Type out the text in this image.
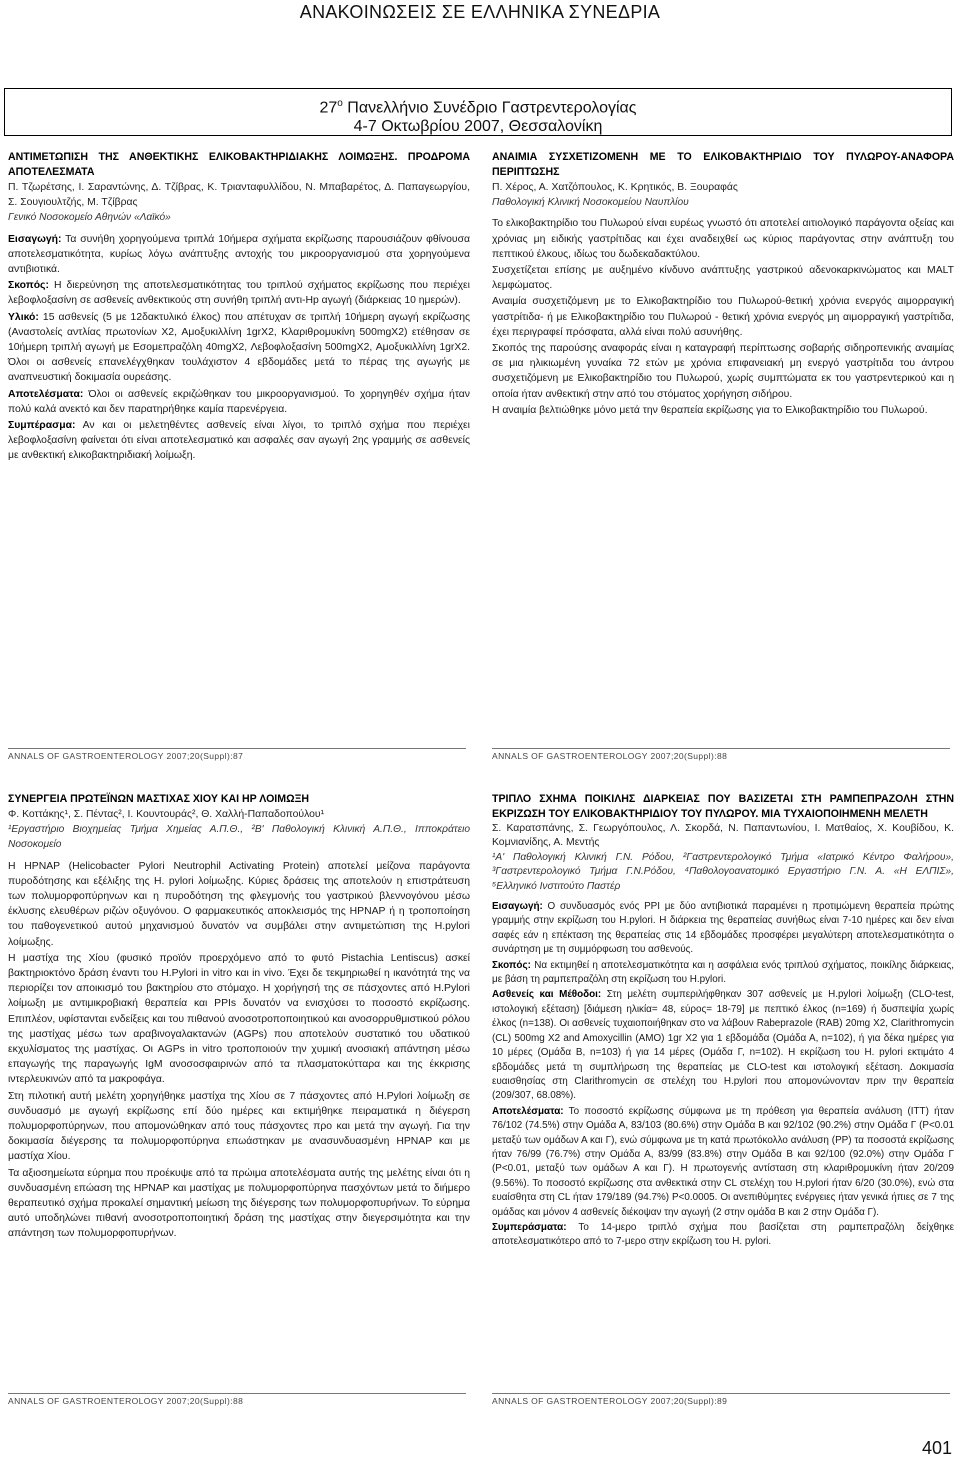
ΑΝΑΚΟΙΝΩΣΕΙΣ ΣΕ ΕΛΛΗΝΙΚΑ ΣΥΝΕΔΡΙΑ
$27^o$ Πανελλήνιο Συνέδριο Γαστρεντερολογίας
4-7 Οκτωβρίου 2007, Θεσσαλονίκη
ΑΝΤΙΜΕΤΩΠΙΣΗ ΤΗΣ ΑΝΘΕΚΤΙΚΗΣ ΕΛΙΚΟΒΑΚΤΗΡΙΔΙΑΚΗΣ ΛΟΙΜΩΞΗΣ. ΠΡΟΔΡΟΜΑ ΑΠΟΤΕΛΕΣΜΑΤΑ
Π. Τζωρέτσης, Ι. Σαραντώνης, Δ. Τζίβρας, Κ. Τριανταφυλλίδου, Ν. Μπαβαρέτος, Δ. Παπαγεωργίου, Σ. Σουγιουλτζής, Μ. Τζίβρας
Γενικό Νοσοκομείο Αθηνών «Λαϊκό»

Εισαγωγή: Τα συνήθη χορηγούμενα τριπλά 10ήμερα σχήματα εκρίζωσης παρουσιάζουν φθίνουσα αποτελεσματικότητα, κυρίως λόγω ανάπτυξης αντοχής του μικροοργανισμού στα χορηγούμενα αντιβιοτικά.

Σκοπός: Η διερεύνηση της αποτελεσματικότητας του τριπλού σχήματος εκρίζωσης που περιέχει λεβοφλοξασίνη σε ασθενείς ανθεκτικούς στη συνήθη τριπλή αντι-Hp αγωγή (διάρκειας 10 ημερών).

Υλικό: 15 ασθενείς (5 με 12δακτυλικό έλκος) που απέτυχαν σε τριπλή 10ήμερη αγωγή εκρίζωσης (Αναστολείς αντλίας πρωτονίων X2, Αμοξυκιλλίνη 1grX2, Κλαριθρομυκίνη 500mgX2) ετέθησαν σε 10ήμερη τριπλή αγωγή με Εσομεπραζόλη 40mgX2, Λεβοφλοξασίνη 500mgX2, Αμοξυκιλλίνη 1grX2. Όλοι οι ασθενείς επανελέγχθηκαν τουλάχιστον 4 εβδομάδες μετά το πέρας της αγωγής με αναπνευστική δοκιμασία ουρεάσης.

Αποτελέσματα: Όλοι οι ασθενείς εκριζώθηκαν του μικροοργανισμού. Το χορηγηθέν σχήμα ήταν πολύ καλά ανεκτό και δεν παρατηρήθηκε καμία παρενέργεια.

Συμπέρασμα: Αν και οι μελετηθέντες ασθενείς είναι λίγοι, το τριπλό σχήμα που περιέχει λεβοφλοξασίνη φαίνεται ότι είναι αποτελεσματικό και ασφαλές σαν αγωγή 2ης γραμμής σε ασθενείς με ανθεκτική ελικοβακτηριδιακή λοίμωξη.

ANNALS OF GASTROENTEROLOGY 2007;20(Suppl):87
ΑΝΑΙΜΙΑ ΣΥΣΧΕΤΙΖΟΜΕΝΗ ΜΕ ΤΟ ΕΛΙΚΟΒΑΚΤΗΡΙΔΙΟ ΤΟΥ ΠΥΛΩΡΟΥ-ΑΝΑΦΟΡΑ ΠΕΡΙΠΤΩΣΗΣ
Π. Χέρος, Α. Χατζόπουλος, Κ. Κρητικός, Β. Ξουραφάς
Παθολογική Κλινική Νοσοκομείου Ναυπλίου

Το ελικοβακτηρίδιο του Πυλωρού είναι ευρέως γνωστό ότι αποτελεί αιτιολογικό παράγοντα οξείας και χρόνιας μη ειδικής γαστρίτιδας και έχει αναδειχθεί ως κύριος παράγοντας στην ανάπτυξη του πεπτικού έλκους, ιδίως του δωδεκαδακτύλου.

Συσχετίζεται επίσης με αυξημένο κίνδυνο ανάπτυξης γαστρικού αδενοκαρκινώματος και MALT λεμφώματος.

Αναιμία συσχετιζόμενη με το Ελικοβακτηρίδιο του Πυλωρού-θετική χρόνια ενεργός αιμορραγική γαστρίτιδα- ή με Ελικοβακτηρίδιο του Πυλωρού - θετική χρόνια ενεργός μη αιμορραγική γαστρίτιδα, έχει περιγραφεί πρόσφατα, αλλά είναι πολύ ασυνήθης.

Σκοπός της παρούσης αναφοράς είναι η καταγραφή περίπτωσης σοβαρής σιδηροπενικής αναιμίας σε μια ηλικιωμένη γυναίκα 72 ετών με χρόνια επιφανειακή μη ενεργό γαστρίτιδα του άντρου συσχετιζόμενη με Ελικοβακτηρίδιο του Πυλωρού, χωρίς συμπτώματα εκ του γαστρεντερικού και η οποία ήταν ανθεκτική στην από του στόματος χορήγηση σιδήρου.

Η αναιμία βελτιώθηκε μόνο μετά την θεραπεία εκρίζωσης για το Ελικοβακτηρίδιο του Πυλωρού.

ANNALS OF GASTROENTEROLOGY 2007;20(Suppl):88
ΣΥΝΕΡΓΕΙΑ ΠΡΩΤΕΪΝΩΝ ΜΑΣΤΙΧΑΣ ΧΙΟΥ ΚΑΙ ΗΡ ΛΟΙΜΩΞΗ
Φ. Κοττάκης¹, Σ. Πέντας², Ι. Κουντουράς², Θ. Χαλλή-Παπαδοπούλου¹
¹Εργαστήριο Βιοχημείας Τμήμα Χημείας Α.Π.Θ., ²Β' Παθολογική Κλινική Α.Π.Θ., Ιπποκράτειο Νοσοκομείο

Η HPNAP (Helicobacter Pylori Neutrophil Activating Protein) αποτελεί μείζονα παράγοντα πυροδότησης και εξέλιξης της H. pylori λοίμωξης. Κύριες δράσεις της αποτελούν η επιστράτευση των πολυμορφοπύρηνων και η πυροδότηση της φλεγμονής του γαστρικού βλεννογόνου μέσω έκλυσης ελευθέρων ριζών οξυγόνου. Ο φαρμακευτικός αποκλεισμός της HPNAP ή η τροποποίηση του παθογενετικού αυτού μηχανισμού δυνατόν να συμβάλει στην αντιμετώπιση της H.pylori λοίμωξης.

Η μαστίχα της Χίου (φυσικό προϊόν προερχόμενο από το φυτό Pistachia Lentiscus) ασκεί βακτηριοκτόνο δράση έναντι του H.Pylori in vitro και in vivo. Έχει δε τεκμηριωθεί η ικανότητά της να περιορίζει τον αποικισμό του βακτηρίου στο στόμαχο. Η χορήγησή της σε πάσχοντες από H.Pylori λοίμωξη με αντιμικροβιακή θεραπεία και PPIs δυνατόν να ενισχύσει το ποσοστό εκρίζωσης. Επιπλέον, υφίστανται ενδείξεις και του πιθανού ανοσοτροποποιητικού και ανοσορρυθμιστικού ρόλου της μαστίχας μέσω των αραβινογαλακτανών (AGPs) που αποτελούν συστατικό του υδατικού εκχυλίσματος της μαστίχας. Οι AGPs in vitro τροποποιούν την χυμική ανοσιακή απάντηση μέσω επαγωγής της παραγωγής IgM ανοσοσφαιρινών από τα πλασματοκύτταρα και της έκκρισης ιντερλευκινών από τα μακροφάγα.

Στη πιλοτική αυτή μελέτη χορηγήθηκε μαστίχα της Χίου σε 7 πάσχοντες από H.Pylori λοίμωξη σε συνδυασμό με αγωγή εκρίζωσης επί δύο ημέρες και εκτιμήθηκε πειραματικά η διέγερση πολυμορφοπύρηνων, που απομονώθηκαν από τους πάσχοντες προ και μετά την αγωγή. Για την δοκιμασία διέγερσης τα πολυμορφοπύρηνα επωάστηκαν με ανασυνδυασμένη HPNAP και με μαστίχα Χίου.

Τα αξιοσημείωτα εύρημα που προέκυψε από τα πρώιμα αποτελέσματα αυτής της μελέτης είναι ότι η συνδυασμένη επώαση της HPNAP και μαστίχας με πολυμορφοπύρηνα πασχόντων μετά το διήμερο θεραπευτικό σχήμα προκαλεί σημαντική μείωση της διέγερσης των πολυμορφοπυρήνων. Το εύρημα αυτό υποδηλώνει πιθανή ανοσοτροποποιητική δράση της μαστίχας στην διεγερσιμότητα και την απάντηση των πολυμορφοπυρήνων.

ANNALS OF GASTROENTEROLOGY 2007;20(Suppl):88
ΤΡΙΠΛΟ ΣΧΗΜΑ ΠΟΙΚΙΛΗΣ ΔΙΑΡΚΕΙΑΣ ΠΟΥ ΒΑΣΙΖΕΤΑΙ ΣΤΗ ΡΑΜΠΕΠΡΑΖΟΛΗ ΣΤΗΝ ΕΚΡΙΖΩΣΗ ΤΟΥ ΕΛΙΚΟΒΑΚΤΗΡΙΔΙΟΥ ΤΟΥ ΠΥΛΩΡΟΥ. ΜΙΑ ΤΥΧΑΙΟΠΟΙΗΜΕΝΗ ΜΕΛΕΤΗ
Σ. Καρατσπάνης, Σ. Γεωργόπουλος, Λ. Σκορδά, Ν. Παπαντωνίου, Ι. Ματθαίος, Χ. Κουβίδου, Κ. Κομνιανίδης, Α. Μεντής
¹Α' Παθολογική Κλινική Γ.Ν. Ρόδου, ²Γαστρεντερολογικό Τμήμα «Ιατρικό Κέντρο Φαλήρου», ³Γαστρεντερολογικό Τμήμα Γ.Ν.Ρόδου, ⁴Παθολογοανατομικό Εργαστήριο Γ.Ν. Α. «Η ΕΛΠΙΣ», ⁵Ελληνικό Ινστιτούτο Παστέρ

Εισαγωγή: Ο συνδυασμός ενός PPI με δύο αντιβιοτικά παραμένει η προτιμώμενη θεραπεία πρώτης γραμμής στην εκρίζωση του H.pylori. Η διάρκεια της θεραπείας συνήθως είναι 7-10 ημέρες και δεν είναι σαφές εάν η επέκταση της θεραπείας στις 14 εβδομάδες προσφέρει μεγαλύτερη αποτελεσματικότητα ο συνάρτηση με τη συμμόρφωση του ασθενούς.

Σκοπός: Να εκτιμηθεί η αποτελεσματικότητα και η ασφάλεια ενός τριπλού σχήματος, ποικίλης διάρκειας, με βάση τη ραμπεπραζόλη στη εκρίζωση του H.pylori.

Ασθενείς και Μέθοδοι: Στη μελέτη συμπεριλήφθηκαν 307 ασθενείς με H.pylori λοίμωξη (CLO-test, ιστολογική εξέταση) [διάμεση ηλικία= 48, εύρος= 18-79] με πεπτικό έλκος (n=169) ή δυσπεψία χωρίς έλκος (n=138). Οι ασθενείς τυχαιοποιήθηκαν στο να λάβουν Rabeprazole (RAB) 20mg X2, Clarithromycin (CL) 500mg X2 and Amoxycillin (AMO) 1gr X2 για 1 εβδομάδα (Ομάδα Α, n=102), ή για δέκα ημέρες για 10 μέρες (Ομάδα Β, n=103) ή για 14 μέρες (Ομάδα Γ, n=102). Η εκρίζωση του H. pylori εκτιμάτο 4 εβδομάδες μετά τη συμπλήρωση της θεραπείας με CLO-test και ιστολογική εξέταση. Δοκιμασία ευαισθησίας στη Clarithromycin σε στελέχη του H.pylori που απομονώνονταν πριν την θεραπεία (209/307, 68.08%).

Αποτελέσματα: Το ποσοστό εκρίζωσης σύμφωνα με τη πρόθεση για θεραπεία ανάλυση (ITT) ήταν 76/102 (74.5%) στην Ομάδα Α, 83/103 (80.6%) στην Ομάδα Β και 92/102 (90.2%) στην Ομάδα Γ (P<0.01 μεταξύ των ομάδων Α και Γ), ενώ σύμφωνα με τη κατά πρωτόκολλο ανάλυση (PP) τα ποσοστά εκρίζωσης ήταν 76/99 (76.7%) στην Ομάδα Α, 83/99 (83.8%) στην Ομάδα Β και 92/100 (92.0%) στην Ομάδα Γ (P<0.01, μεταξύ των ομάδων Α και Γ). Η πρωτογενής αντίσταση στη κλαριθρομυκίνη ήταν 20/209 (9.56%). Το ποσοστό εκρίζωσης στα ανθεκτικά στην CL στελέχη του H.pylori ήταν 6/20 (30.0%), ενώ στα ευαίσθητα στη CL ήταν 179/189 (94.7%) P<0.0005. Οι ανεπιθύμητες ενέργειες ήταν γενικά ήπιες σε 7 της ομάδας και μόνον 4 ασθενείς διέκοψαν την αγωγή (2 στην ομάδα Β και 2 στην Ομάδα Γ).

Συμπεράσματα: Το 14-μερο τριπλό σχήμα που βασίζεται στη ραμπεπραζόλη δείχθηκε αποτελεσματικότερο από το 7-μερο στην εκρίζωση του H. pylori.

ANNALS OF GASTROENTEROLOGY 2007;20(Suppl):89
401
